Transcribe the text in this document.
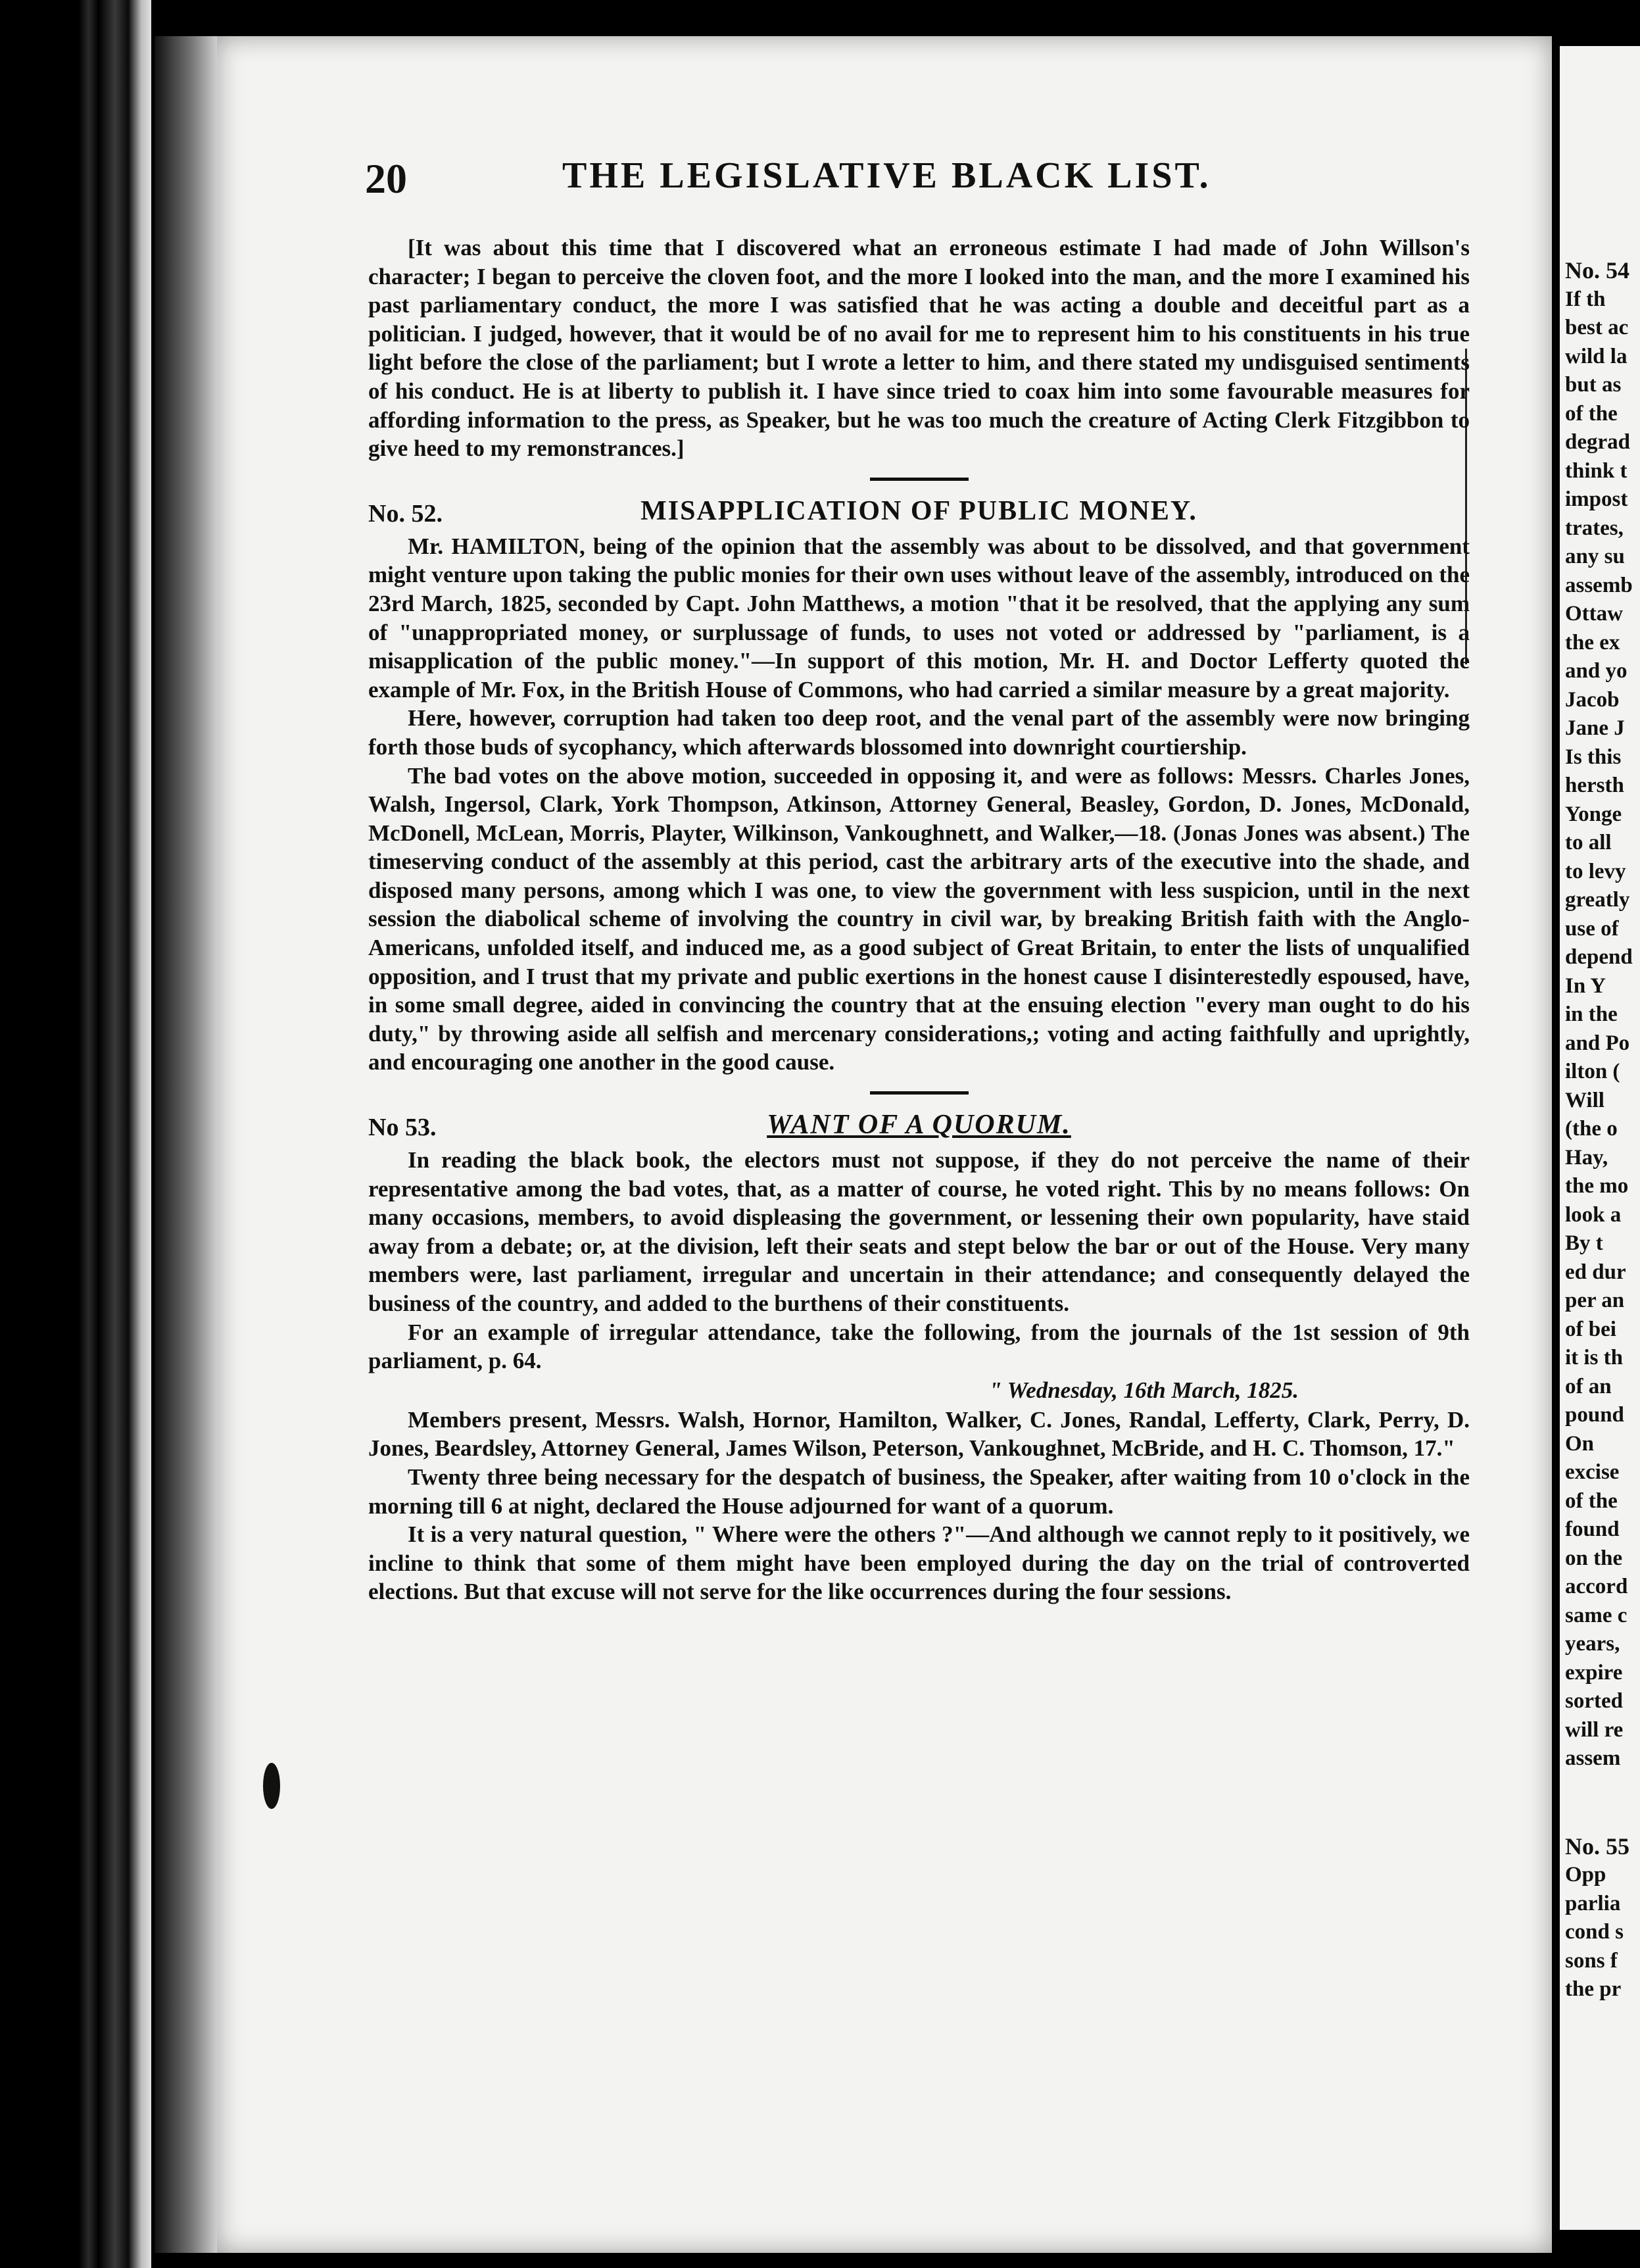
20	THE LEGISLATIVE BLACK LIST.

[It was about this time that I discovered what an erroneous estimate I had made of John Willson's character; I began to perceive the cloven foot, and the more I looked into the man, and the more I examined his past parliamentary conduct, the more I was satisfied that he was acting a double and deceitful part as a politician. I judged, however, that it would be of no avail for me to represent him to his constituents in his true light before the close of the parliament; but I wrote a letter to him, and there stated my undisguised sentiments of his conduct. He is at liberty to publish it. I have since tried to coax him into some favourable measures for affording information to the press, as Speaker, but he was too much the creature of Acting Clerk Fitzgibbon to give heed to my remonstrances.]

No. 52.	MISAPPLICATION OF PUBLIC MONEY.

Mr. HAMILTON, being of the opinion that the assembly was about to be dissolved, and that government might venture upon taking the public monies for their own uses without leave of the assembly, introduced on the 23rd March, 1825, seconded by Capt. John Matthews, a motion "that it be resolved, that the applying any sum of "unappropriated money, or surplussage of funds, to uses not voted or addressed by "parliament, is a misapplication of the public money."—In support of this motion, Mr. H. and Doctor Lefferty quoted the example of Mr. Fox, in the British House of Commons, who had carried a similar measure by a great majority.

Here, however, corruption had taken too deep root, and the venal part of the assembly were now bringing forth those buds of sycophancy, which afterwards blossomed into downright courtiership.

The bad votes on the above motion, succeeded in opposing it, and were as follows: Messrs. Charles Jones, Walsh, Ingersol, Clark, York Thompson, Atkinson, Attorney General, Beasley, Gordon, D. Jones, McDonald, McDonell, McLean, Morris, Playter, Wilkinson, Vankoughnett, and Walker,—18. (Jonas Jones was absent.) The timeserving conduct of the assembly at this period, cast the arbitrary arts of the executive into the shade, and disposed many persons, among which I was one, to view the government with less suspicion, until in the next session the diabolical scheme of involving the country in civil war, by breaking British faith with the Anglo-Americans, unfolded itself, and induced me, as a good subject of Great Britain, to enter the lists of unqualified opposition, and I trust that my private and public exertions in the honest cause I disinterestedly espoused, have, in some small degree, aided in convincing the country that at the ensuing election "every man ought to do his duty," by throwing aside all selfish and mercenary considerations,; voting and acting faithfully and uprightly, and encouraging one another in the good cause.

No 53.	WANT OF A QUORUM.

In reading the black book, the electors must not suppose, if they do not perceive the name of their representative among the bad votes, that, as a matter of course, he voted right. This by no means follows: On many occasions, members, to avoid displeasing the government, or lessening their own popularity, have staid away from a debate; or, at the division, left their seats and stept below the bar or out of the House. Very many members were, last parliament, irregular and uncertain in their attendance; and consequently delayed the business of the country, and added to the burthens of their constituents.

For an example of irregular attendance, take the following, from the journals of the 1st session of 9th parliament, p. 64.

" Wednesday, 16th March, 1825.

Members present, Messrs. Walsh, Hornor, Hamilton, Walker, C. Jones, Randal, Lefferty, Clark, Perry, D. Jones, Beardsley, Attorney General, James Wilson, Peterson, Vankoughnet, McBride, and H. C. Thomson, 17."

Twenty three being necessary for the despatch of business, the Speaker, after waiting from 10 o'clock in the morning till 6 at night, declared the House adjourned for want of a quorum.

It is a very natural question, " Where were the others ?"—And although we cannot reply to it positively, we incline to think that some of them might have been employed during the day on the trial of controverted elections. But that excuse will not serve for the like occurrences during the four sessions.

No. 54
If th
best ac
wild la
but as
of the
degrad
think t
impost
trates,
any su
assemb
Ottaw
the ex
and yo
Jacob
Jane J
Is this
hersth
Yonge
to all
to levy
greatly
use of
depend
In Y
in the
and Po
ilton (
Will
(the o
Hay,
the mo
look a
By t
ed dur
per an
of bei
it is th
of an
pound
On
excise
of the
found
on the
accord
same c
years,
expire
sorted
will re
assem
No. 55
Opp
parlia
cond s
sons f
the pr
